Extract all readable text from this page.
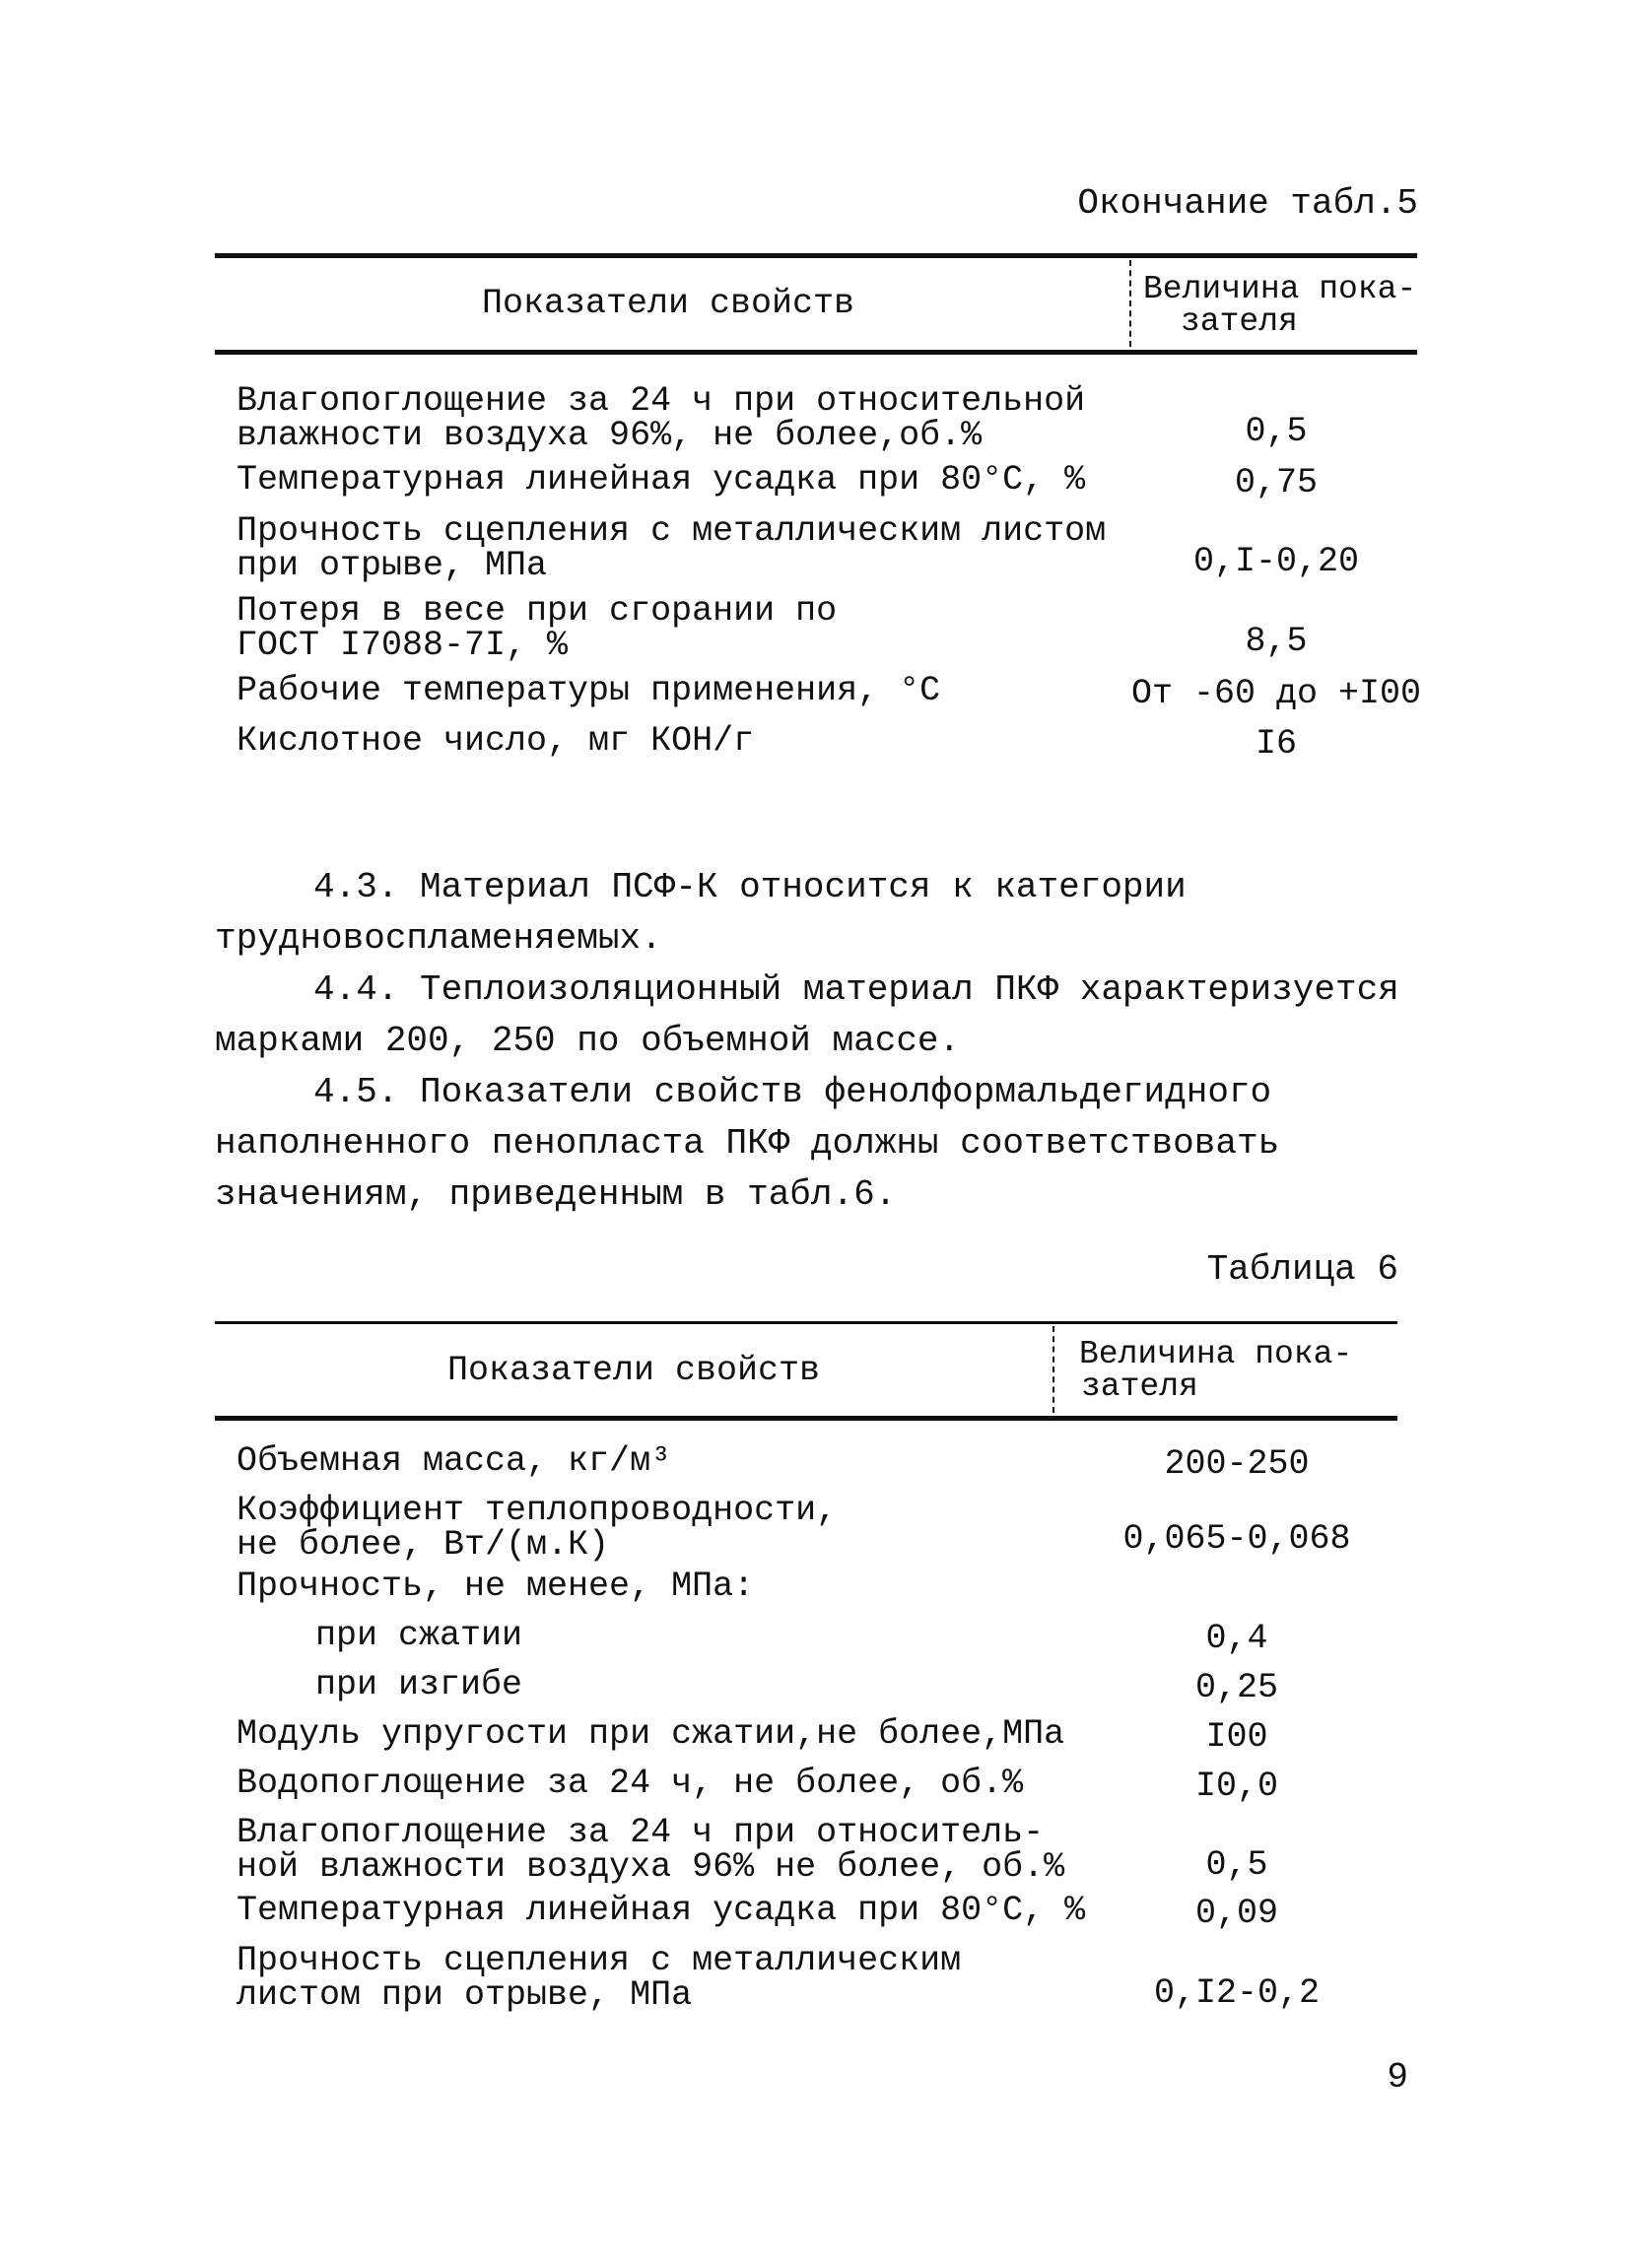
Окончание табл.5
Показатели свойств	Величина пока-
зателя
Влагопоглощение за 24 ч при относительной
влажности воздуха 96%, не более,об.%	0,5
Температурная линейная усадка при 80°С, %	0,75
Прочность сцепления с металлическим листом
при отрыве, МПа	0,I-0,20
Потеря в весе при сгорании по
ГОСТ I7088-7I, %	8,5
Рабочие температуры применения, °С	От -60 до +I00
Кислотное число, мг КОН/г	I6

4.3. Материал ПСФ-К относится к категории трудновоспламеняемых.

4.4. Теплоизоляционный материал ПКФ характеризуется марками 200, 250 по объемной массе.

4.5. Показатели свойств фенолформальдегидного наполненного пенопласта ПКФ должны соответствовать значениям, приведенным в табл.6.

Таблица 6
Показатели свойств	Величина пока-
зателя
Объемная масса, кг/м³	200-250
Коэффициент теплопроводности,
не более, Вт/(м.К)	0,065-0,068
Прочность, не менее, МПа:
при сжатии	0,4
при изгибе	0,25
Модуль упругости при сжатии,не более,МПа	I00
Водопоглощение за 24 ч, не более, об.%	I0,0
Влагопоглощение за 24 ч при относитель-
ной влажности воздуха 96% не более, об.%	0,5
Температурная линейная усадка при 80°С, %	0,09
Прочность сцепления с металлическим
листом при отрыве, МПа	0,I2-0,2
9
